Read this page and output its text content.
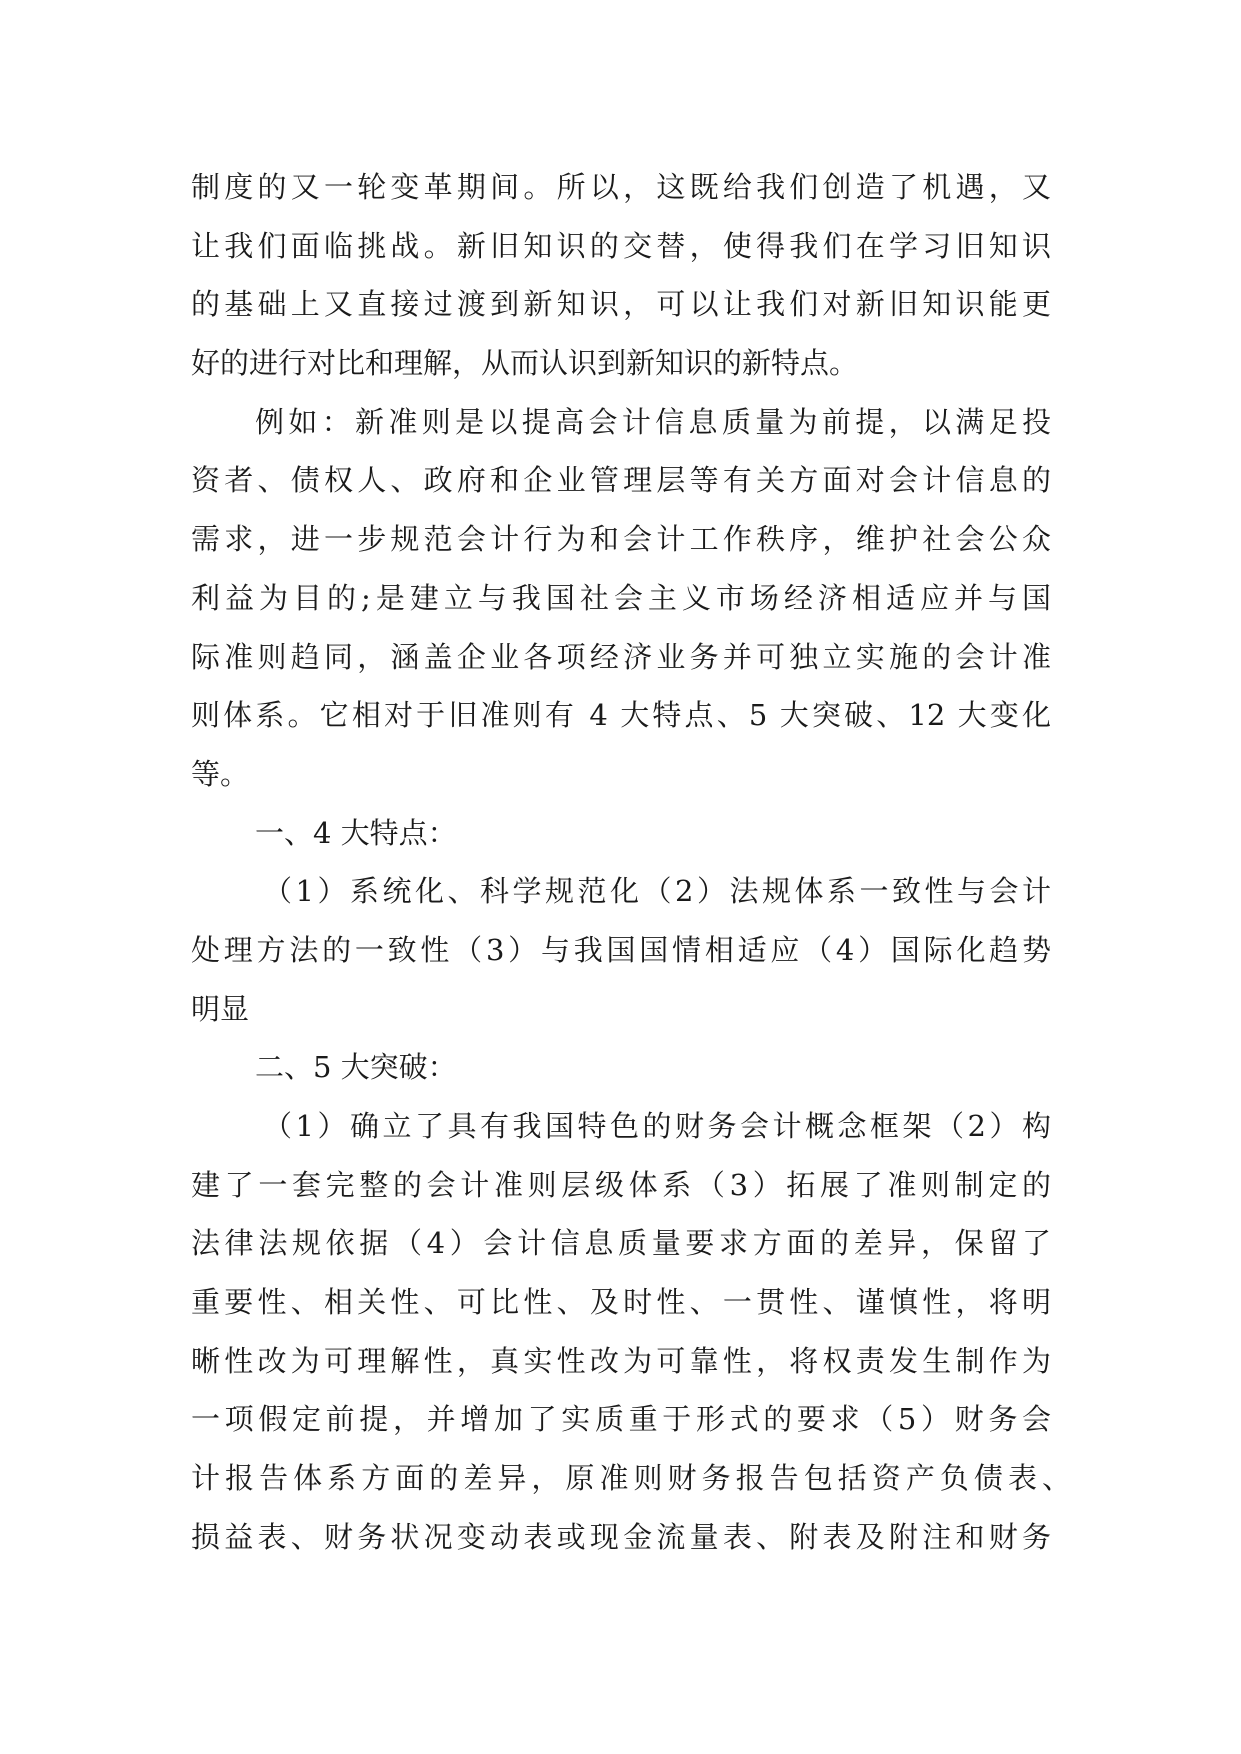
制度的又一轮变革期间。所以，这既给我们创造了机遇，又
让我们面临挑战。新旧知识的交替，使得我们在学习旧知识
的基础上又直接过渡到新知识，可以让我们对新旧知识能更
好的进行对比和理解，从而认识到新知识的新特点。
例如：新准则是以提高会计信息质量为前提，以满足投
资者、债权人、政府和企业管理层等有关方面对会计信息的
需求，进一步规范会计行为和会计工作秩序，维护社会公众
利益为目的;是建立与我国社会主义市场经济相适应并与国
际准则趋同，涵盖企业各项经济业务并可独立实施的会计准
则体系。它相对于旧准则有 4 大特点、5 大突破、12 大变化
等。
一、4 大特点：
（1）系统化、科学规范化（2）法规体系一致性与会计
处理方法的一致性（3）与我国国情相适应（4）国际化趋势
明显
二、5 大突破：
（1）确立了具有我国特色的财务会计概念框架（2）构
建了一套完整的会计准则层级体系（3）拓展了准则制定的
法律法规依据（4）会计信息质量要求方面的差异，保留了
重要性、相关性、可比性、及时性、一贯性、谨慎性，将明
晰性改为可理解性，真实性改为可靠性，将权责发生制作为
一项假定前提，并增加了实质重于形式的要求（5）财务会
计报告体系方面的差异，原准则财务报告包括资产负债表、
损益表、财务状况变动表或现金流量表、附表及附注和财务
